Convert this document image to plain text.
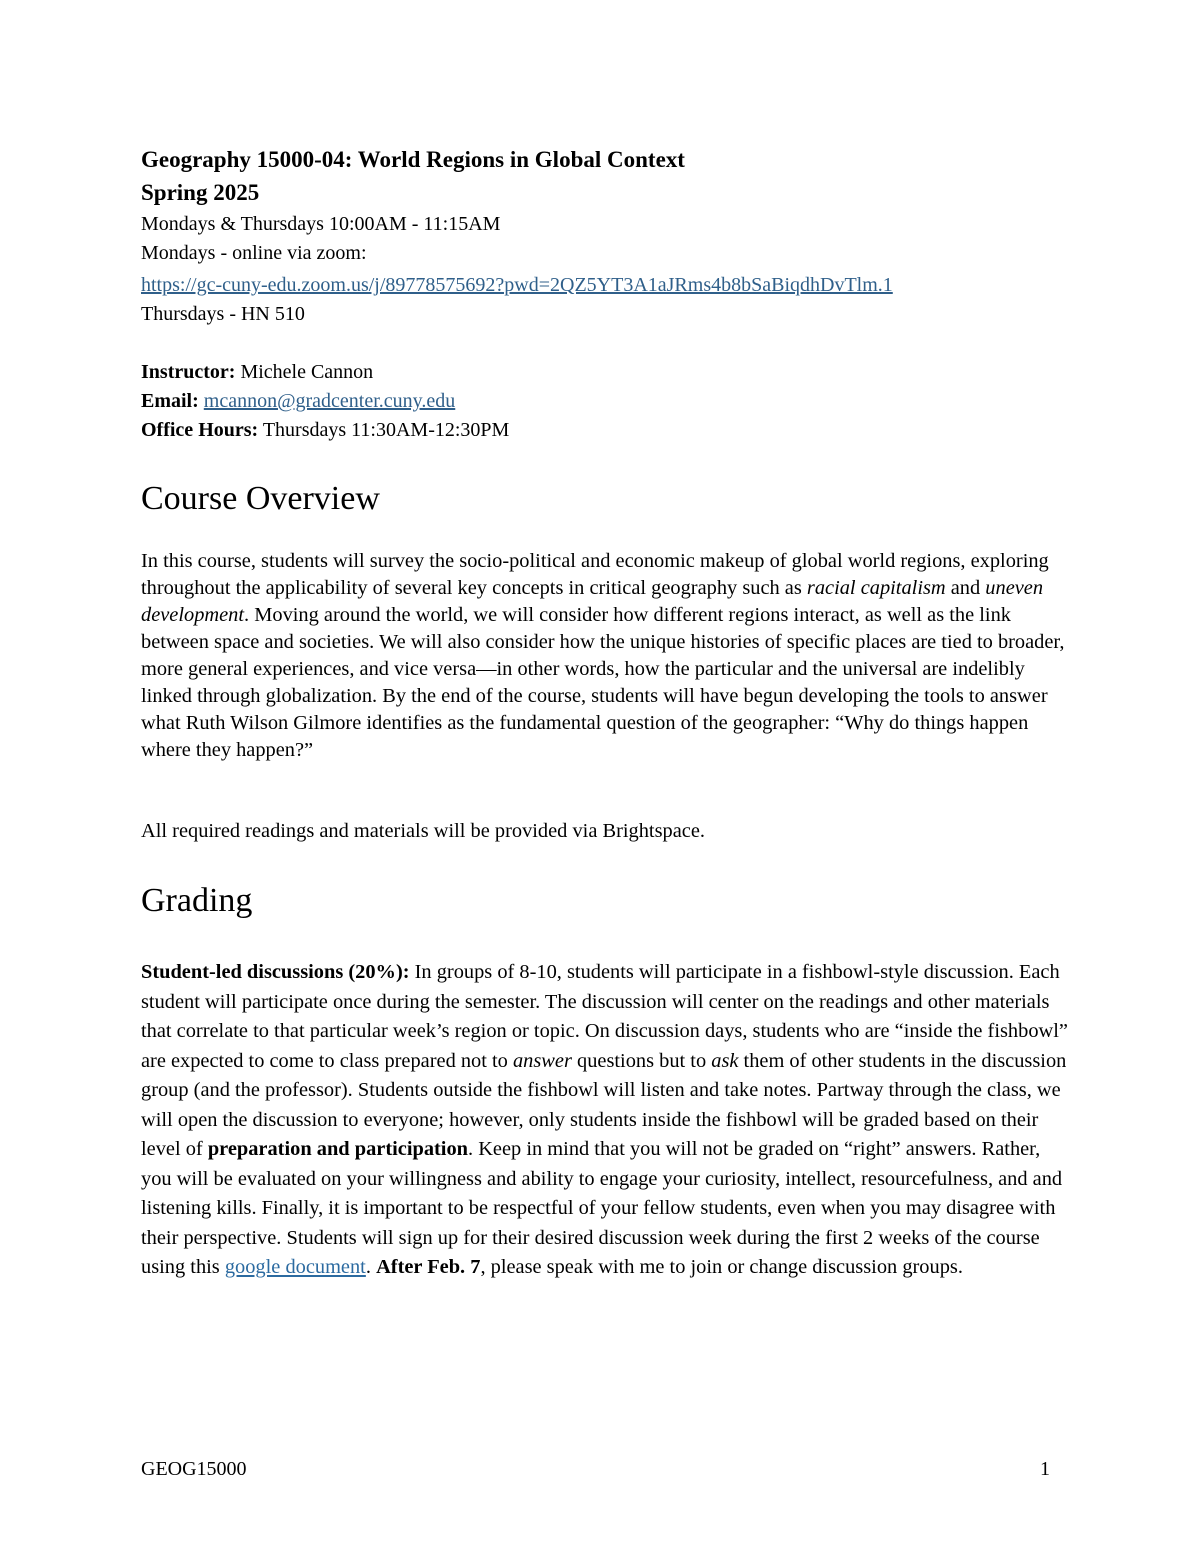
Geography 15000-04: World Regions in Global Context
Spring 2025
Mondays & Thursdays 10:00AM - 11:15AM
Mondays - online via zoom:
https://gc-cuny-edu.zoom.us/j/89778575692?pwd=2QZ5YT3A1aJRms4b8bSaBiqdhDvTlm.1
Thursdays - HN 510
Instructor: Michele Cannon
Email: mcannon@gradcenter.cuny.edu
Office Hours: Thursdays 11:30AM-12:30PM
Course Overview

In this course, students will survey the socio-political and economic makeup of global world regions, exploring throughout the applicability of several key concepts in critical geography such as racial capitalism and uneven development. Moving around the world, we will consider how different regions interact, as well as the link between space and societies. We will also consider how the unique histories of specific places are tied to broader, more general experiences, and vice versa—in other words, how the particular and the universal are indelibly linked through globalization. By the end of the course, students will have begun developing the tools to answer what Ruth Wilson Gilmore identifies as the fundamental question of the geographer: “Why do things happen where they happen?”

All required readings and materials will be provided via Brightspace.

Grading

Student-led discussions (20%): In groups of 8-10, students will participate in a fishbowl-style discussion. Each student will participate once during the semester. The discussion will center on the readings and other materials that correlate to that particular week’s region or topic. On discussion days, students who are “inside the fishbowl” are expected to come to class prepared not to answer questions but to ask them of other students in the discussion group (and the professor). Students outside the fishbowl will listen and take notes. Partway through the class, we will open the discussion to everyone; however, only students inside the fishbowl will be graded based on their level of preparation and participation. Keep in mind that you will not be graded on “right” answers. Rather, you will be evaluated on your willingness and ability to engage your curiosity, intellect, resourcefulness, and and listening kills. Finally, it is important to be respectful of your fellow students, even when you may disagree with their perspective. Students will sign up for their desired discussion week during the first 2 weeks of the course using this google document. After Feb. 7, please speak with me to join or change discussion groups.

GEOG15000	1
